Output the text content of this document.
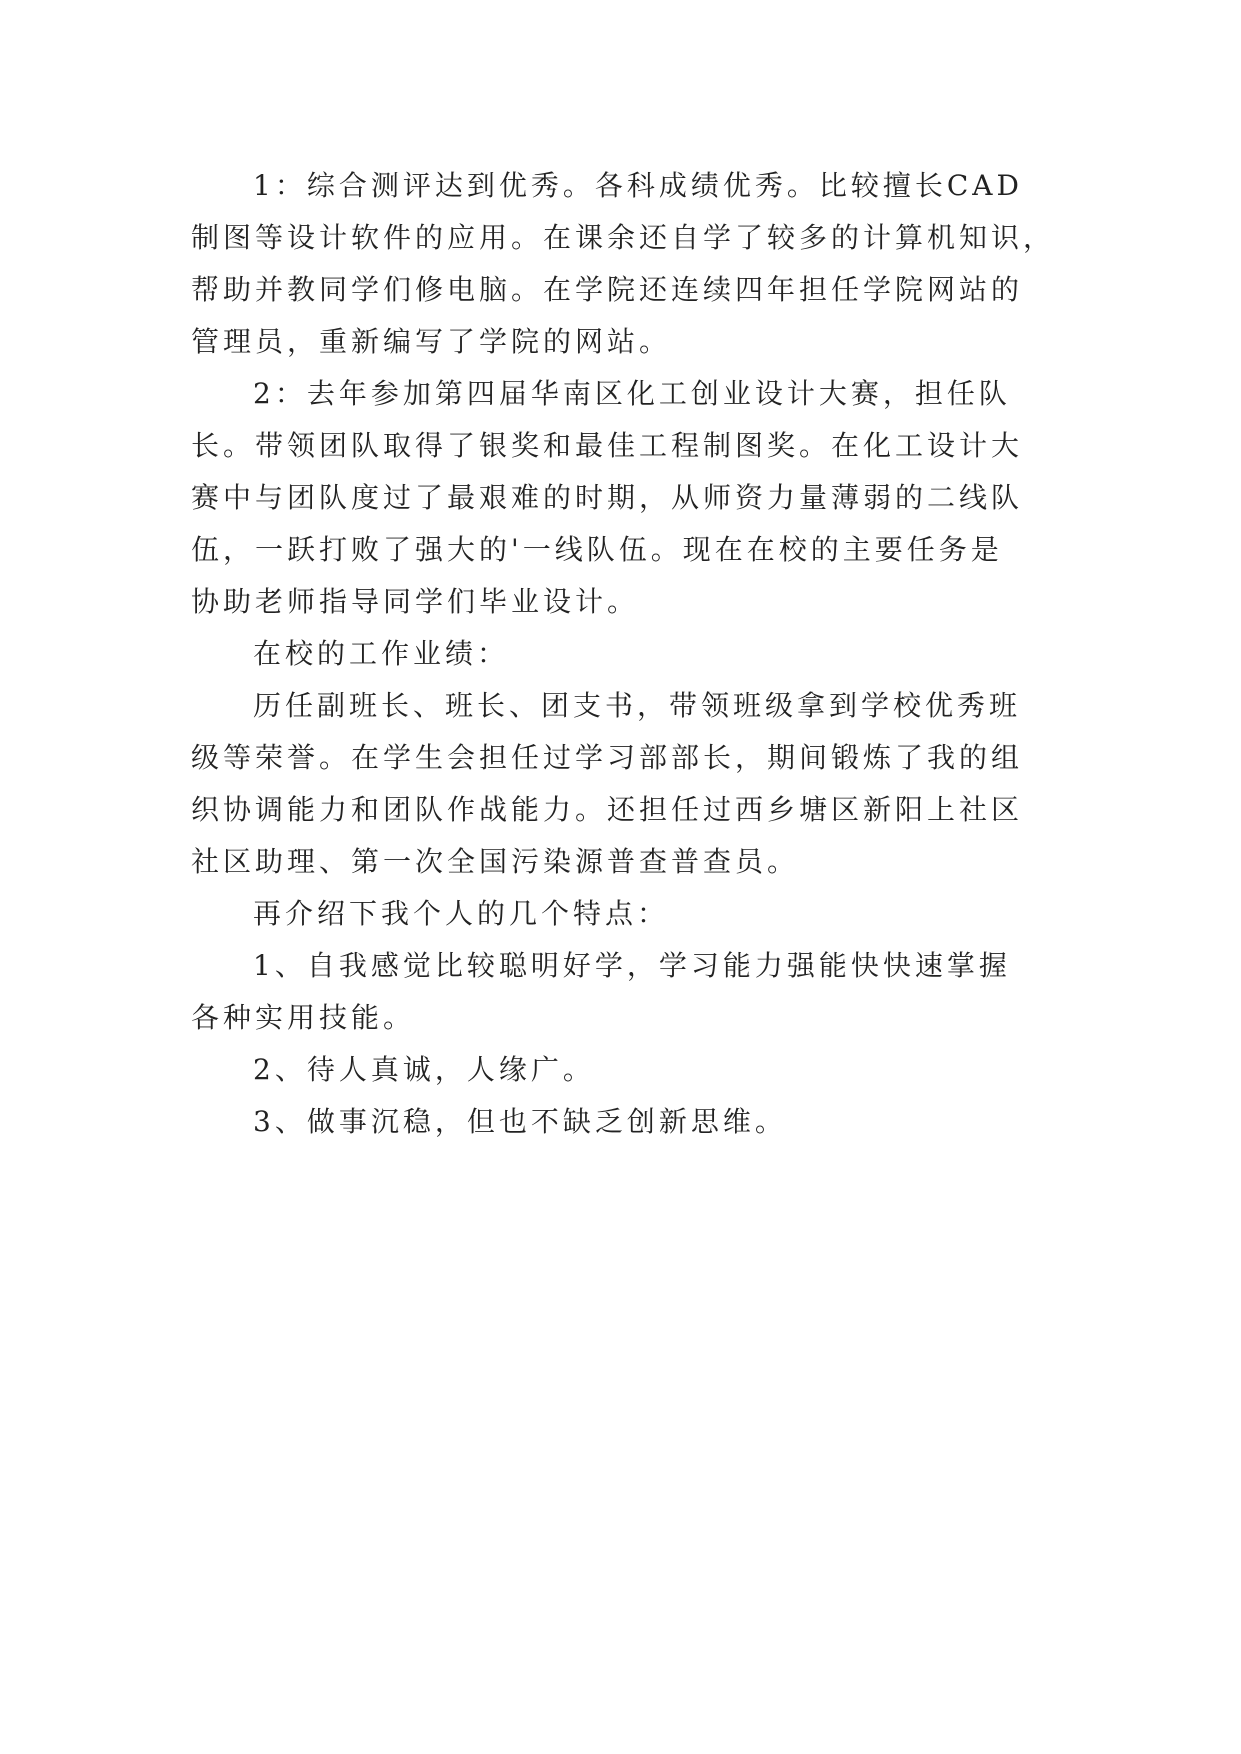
1：综合测评达到优秀。各科成绩优秀。比较擅长CAD

制图等设计软件的应用。在课余还自学了较多的计算机知识，

帮助并教同学们修电脑。在学院还连续四年担任学院网站的

管理员，重新编写了学院的网站。

2：去年参加第四届华南区化工创业设计大赛，担任队

长。带领团队取得了银奖和最佳工程制图奖。在化工设计大

赛中与团队度过了最艰难的时期，从师资力量薄弱的二线队

伍，一跃打败了强大的'一线队伍。现在在校的主要任务是

协助老师指导同学们毕业设计。

在校的工作业绩：

历任副班长、班长、团支书，带领班级拿到学校优秀班

级等荣誉。在学生会担任过学习部部长，期间锻炼了我的组

织协调能力和团队作战能力。还担任过西乡塘区新阳上社区

社区助理、第一次全国污染源普查普查员。

再介绍下我个人的几个特点：

1、自我感觉比较聪明好学，学习能力强能快快速掌握

各种实用技能。

2、待人真诚，人缘广。

3、做事沉稳，但也不缺乏创新思维。
